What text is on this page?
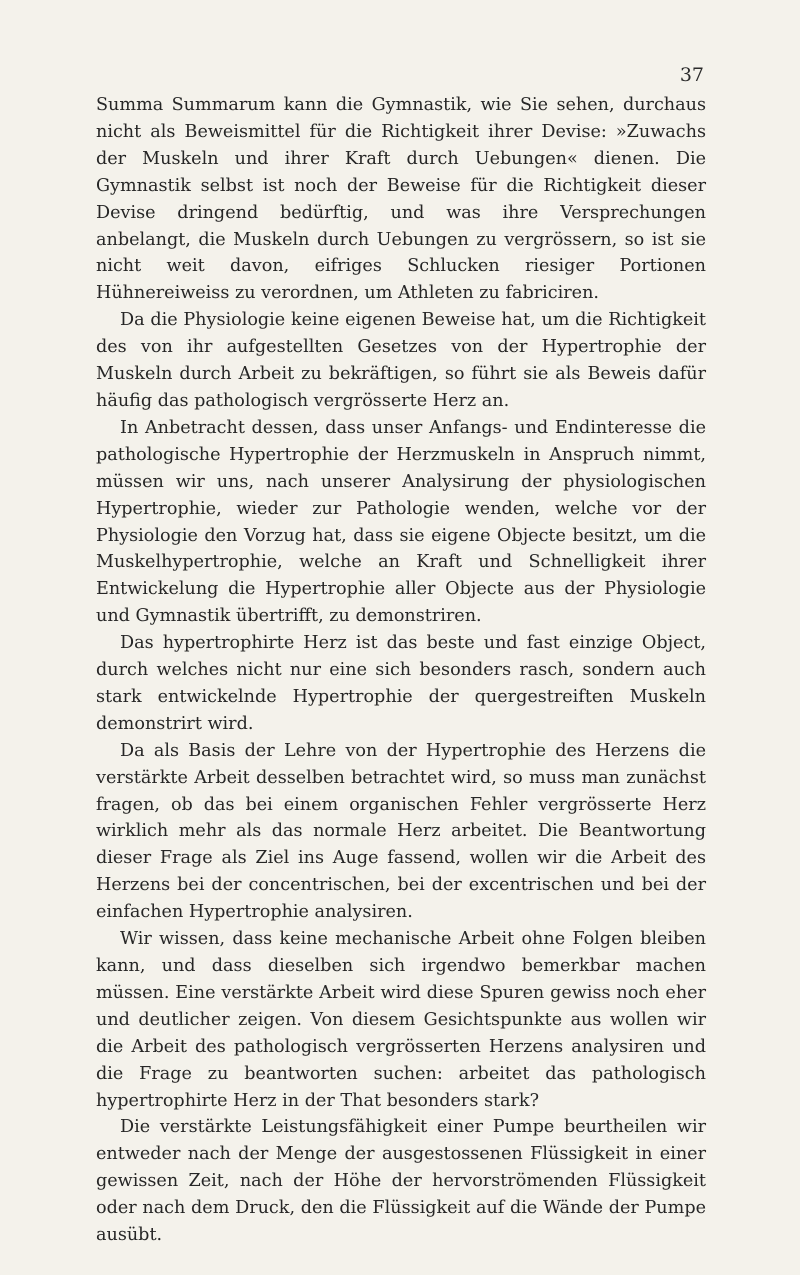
37

Summa Summarum kann die Gymnastik, wie Sie sehen, durchaus nicht als Beweismittel für die Richtigkeit ihrer Devise: »Zuwachs der Muskeln und ihrer Kraft durch Uebungen« dienen. Die Gymnastik selbst ist noch der Beweise für die Richtigkeit dieser Devise dringend bedürftig, und was ihre Versprechungen anbelangt, die Muskeln durch Uebungen zu vergrössern, so ist sie nicht weit davon, eifriges Schlucken riesiger Portionen Hühnereiweiss zu verordnen, um Athleten zu fabriciren.

Da die Physiologie keine eigenen Beweise hat, um die Richtigkeit des von ihr aufgestellten Gesetzes von der Hypertrophie der Muskeln durch Arbeit zu bekräftigen, so führt sie als Beweis dafür häufig das pathologisch vergrösserte Herz an.

In Anbetracht dessen, dass unser Anfangs- und Endinteresse die pathologische Hypertrophie der Herzmuskeln in Anspruch nimmt, müssen wir uns, nach unserer Analysirung der physiologischen Hypertrophie, wieder zur Pathologie wenden, welche vor der Physiologie den Vorzug hat, dass sie eigene Objecte besitzt, um die Muskelhypertrophie, welche an Kraft und Schnelligkeit ihrer Entwickelung die Hypertrophie aller Objecte aus der Physiologie und Gymnastik übertrifft, zu demonstriren.

Das hypertrophirte Herz ist das beste und fast einzige Object, durch welches nicht nur eine sich besonders rasch, sondern auch stark entwickelnde Hypertrophie der quergestreiften Muskeln demonstrirt wird.

Da als Basis der Lehre von der Hypertrophie des Herzens die verstärkte Arbeit desselben betrachtet wird, so muss man zunächst fragen, ob das bei einem organischen Fehler vergrösserte Herz wirklich mehr als das normale Herz arbeitet. Die Beantwortung dieser Frage als Ziel ins Auge fassend, wollen wir die Arbeit des Herzens bei der concentrischen, bei der excentrischen und bei der einfachen Hypertrophie analysiren.

Wir wissen, dass keine mechanische Arbeit ohne Folgen bleiben kann, und dass dieselben sich irgendwo bemerkbar machen müssen. Eine verstärkte Arbeit wird diese Spuren gewiss noch eher und deutlicher zeigen. Von diesem Gesichtspunkte aus wollen wir die Arbeit des pathologisch vergrösserten Herzens analysiren und die Frage zu beantworten suchen: arbeitet das pathologisch hypertrophirte Herz in der That besonders stark?

Die verstärkte Leistungsfähigkeit einer Pumpe beurtheilen wir entweder nach der Menge der ausgestossenen Flüssigkeit in einer gewissen Zeit, nach der Höhe der hervorströmenden Flüssigkeit oder nach dem Druck, den die Flüssigkeit auf die Wände der Pumpe ausübt.
